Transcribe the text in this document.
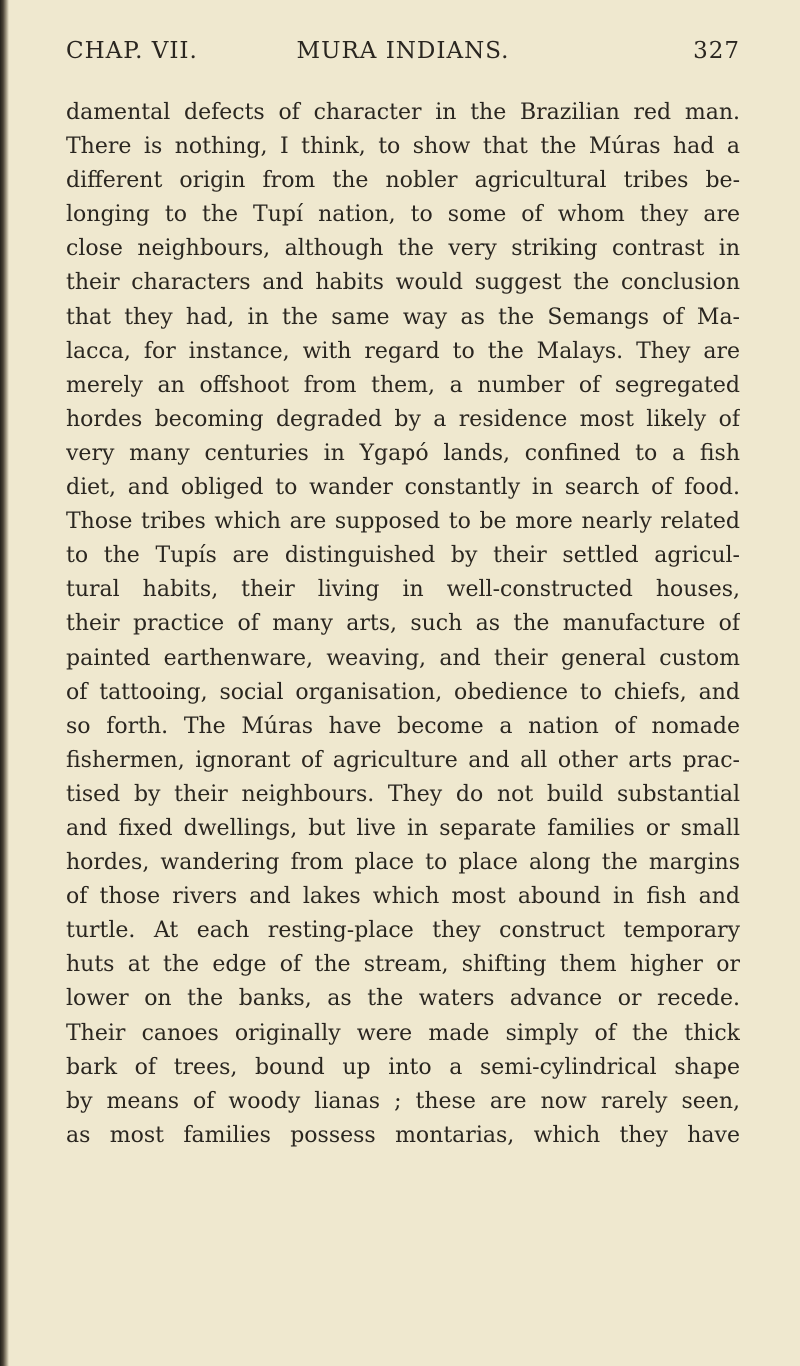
CHAP. VII.	MURA INDIANS.	327
damental defects of character in the Brazilian red man.
There is nothing, I think, to show that the Múras had a
different origin from the nobler agricultural tribes be-
longing to the Tupí nation, to some of whom they are
close neighbours, although the very striking contrast in
their characters and habits would suggest the conclusion
that they had, in the same way as the Semangs of Ma-
lacca, for instance, with regard to the Malays. They are
merely an offshoot from them, a number of segregated
hordes becoming degraded by a residence most likely of
very many centuries in Ygapó lands, confined to a fish
diet, and obliged to wander constantly in search of food.
Those tribes which are supposed to be more nearly related
to the Tupís are distinguished by their settled agricul-
tural habits, their living in well-constructed houses,
their practice of many arts, such as the manufacture of
painted earthenware, weaving, and their general custom
of tattooing, social organisation, obedience to chiefs, and
so forth. The Múras have become a nation of nomade
fishermen, ignorant of agriculture and all other arts prac-
tised by their neighbours. They do not build substantial
and fixed dwellings, but live in separate families or small
hordes, wandering from place to place along the margins
of those rivers and lakes which most abound in fish and
turtle. At each resting-place they construct temporary
huts at the edge of the stream, shifting them higher or
lower on the banks, as the waters advance or recede.
Their canoes originally were made simply of the thick
bark of trees, bound up into a semi-cylindrical shape
by means of woody lianas ; these are now rarely seen,
as most families possess montarias, which they have
